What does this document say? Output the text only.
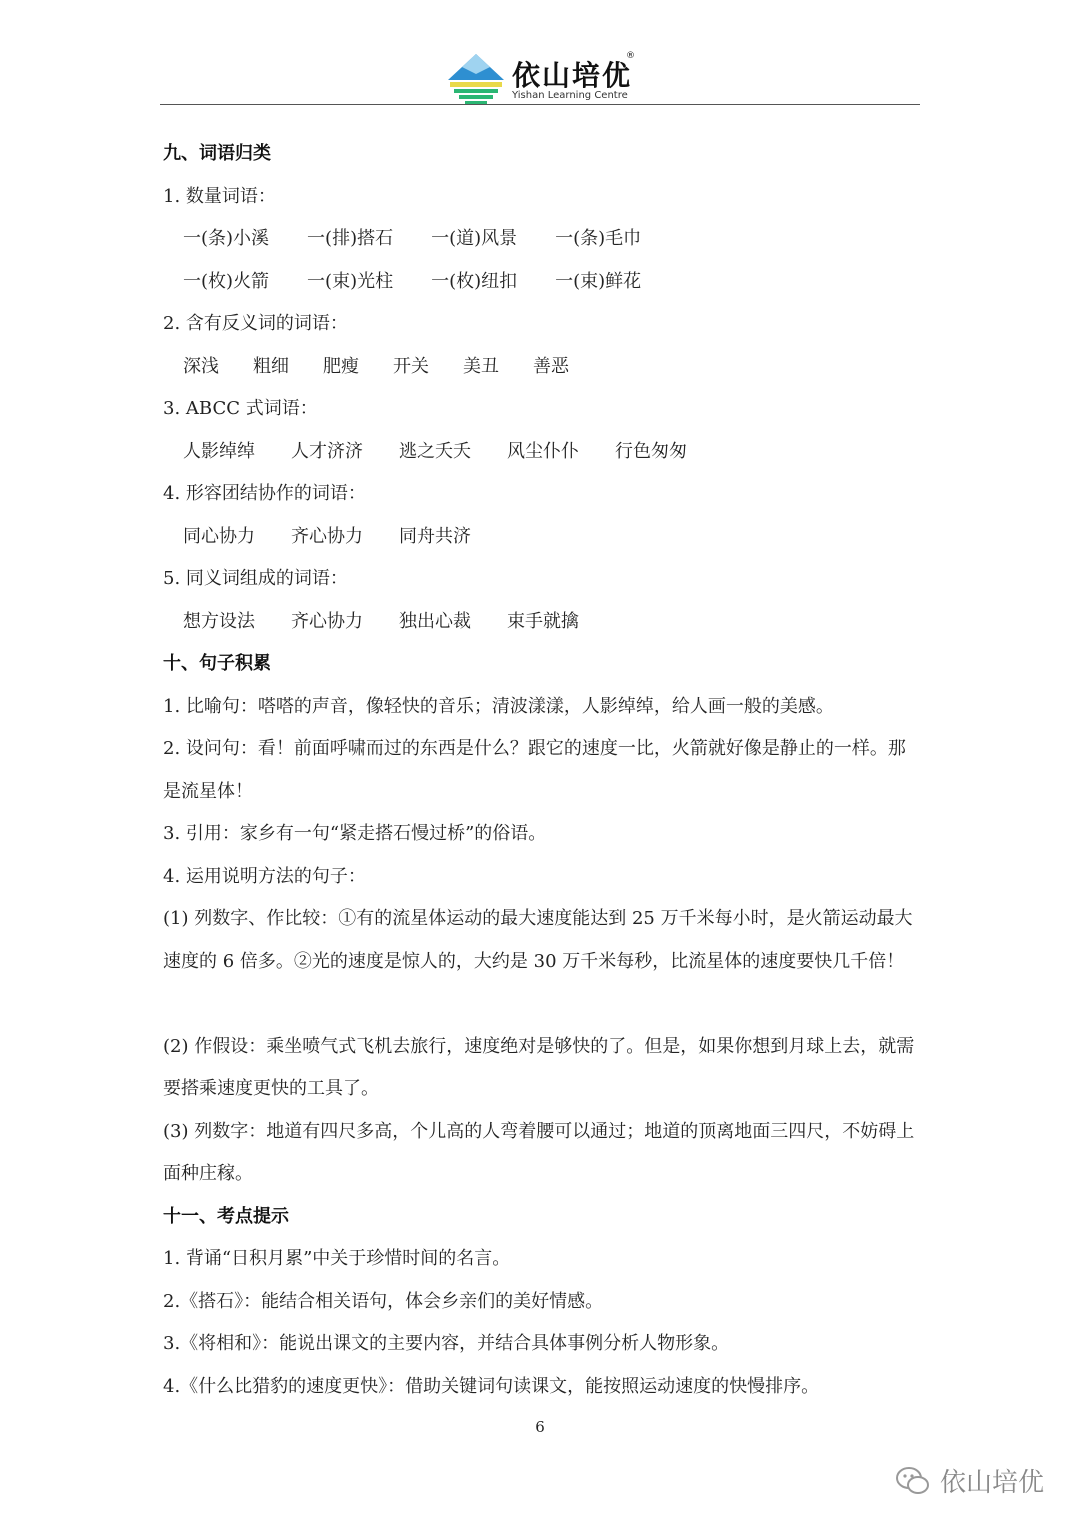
依山培优
®
Yishan Learning Centre
九、词语归类
1. 数量词语：
一(条)小溪 一(排)搭石 一(道)风景 一(条)毛巾
一(枚)火箭 一(束)光柱 一(枚)纽扣 一(束)鲜花
2. 含有反义词的词语：
深浅 粗细 肥瘦 开关 美丑 善恶
3. ABCC 式词语：
人影绰绰 人才济济 逃之夭夭 风尘仆仆 行色匆匆
4. 形容团结协作的词语：
同心协力 齐心协力 同舟共济
5. 同义词组成的词语：
想方设法 齐心协力 独出心裁 束手就擒
十、句子积累
1. 比喻句：嗒嗒的声音，像轻快的音乐；清波漾漾，人影绰绰，给人画一般的美感。
2. 设问句：看！前面呼啸而过的东西是什么？跟它的速度一比，火箭就好像是静止的一样。那是流星体！
3. 引用：家乡有一句“紧走搭石慢过桥”的俗语。
4. 运用说明方法的句子：
(1) 列数字、作比较：①有的流星体运动的最大速度能达到 25 万千米每小时，是火箭运动最大速度的 6 倍多。②光的速度是惊人的，大约是 30 万千米每秒，比流星体的速度要快几千倍！
(2) 作假设：乘坐喷气式飞机去旅行，速度绝对是够快的了。但是，如果你想到月球上去，就需要搭乘速度更快的工具了。
(3) 列数字：地道有四尺多高，个儿高的人弯着腰可以通过；地道的顶离地面三四尺，不妨碍上面种庄稼。
十一、考点提示
1. 背诵“日积月累”中关于珍惜时间的名言。
2.《搭石》：能结合相关语句，体会乡亲们的美好情感。
3.《将相和》：能说出课文的主要内容，并结合具体事例分析人物形象。
4.《什么比猎豹的速度更快》：借助关键词句读课文，能按照运动速度的快慢排序。
6
依山培优
